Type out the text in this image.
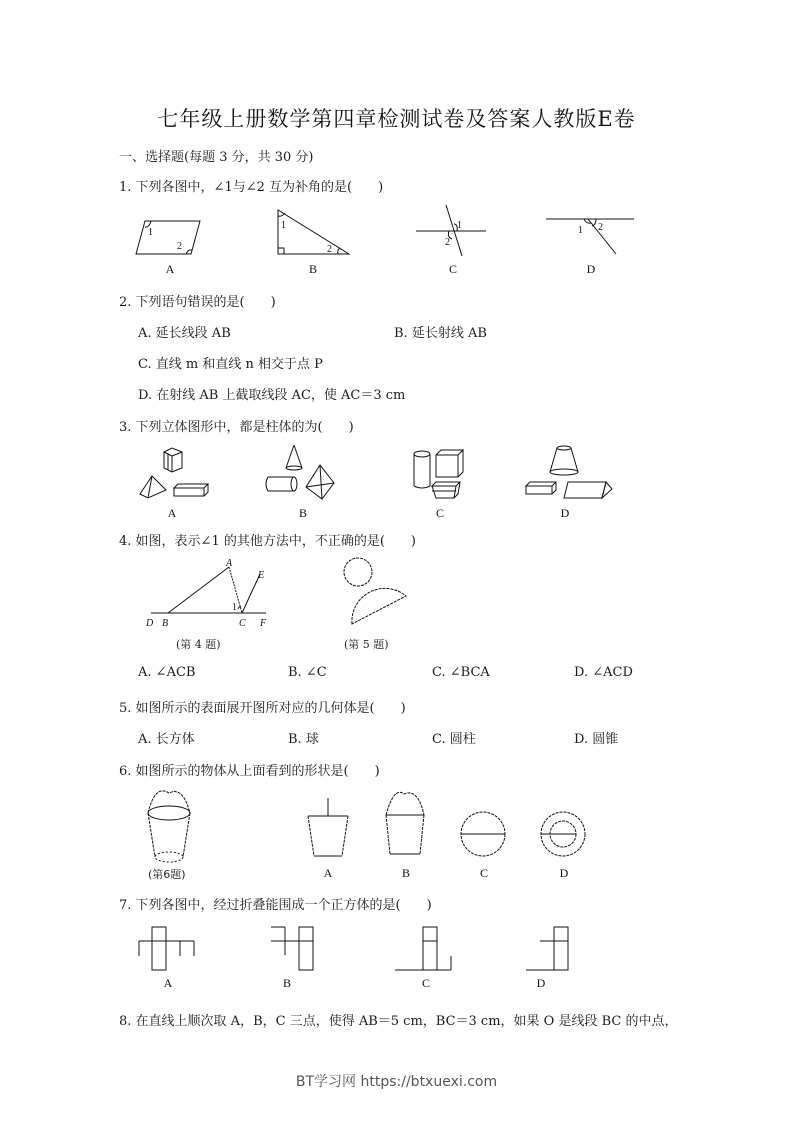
七年级上册数学第四章检测试卷及答案人教版E卷
一、选择题(每题 3 分，共 30 分)
1. 下列各图中，∠1与∠2 互为补角的是(　　)
1
2
A
1
2
B
1
2
C
1 2
D
2. 下列语句错误的是(　　)
A. 延长线段 AB	B. 延长射线 AB
C. 直线 m 和直线 n 相交于点 P
D. 在射线 AB 上截取线段 AC，使 AC＝3 cm
3. 下列立体图形中，都是柱体的为(　　)
A	B	C	D
4. 如图，表示∠1 的其他方法中，不正确的是(　　)
A
E
1
D B	C F
(第 4 题)	(第 5 题)
A. ∠ACB	B. ∠C	C. ∠BCA	D. ∠ACD
5. 如图所示的表面展开图所对应的几何体是(　　)
A. 长方体	B. 球	C. 圆柱	D. 圆锥
6. 如图所示的物体从上面看到的形状是(　　)
(第6题)	A	B	C	D
7. 下列各图中，经过折叠能围成一个正方体的是(　　)
A	B	C	D
8. 在直线上顺次取 A，B，C 三点，使得 AB＝5 cm，BC＝3 cm，如果 O 是线段 BC 的中点，
BT学习网 https://btxuexi.com
